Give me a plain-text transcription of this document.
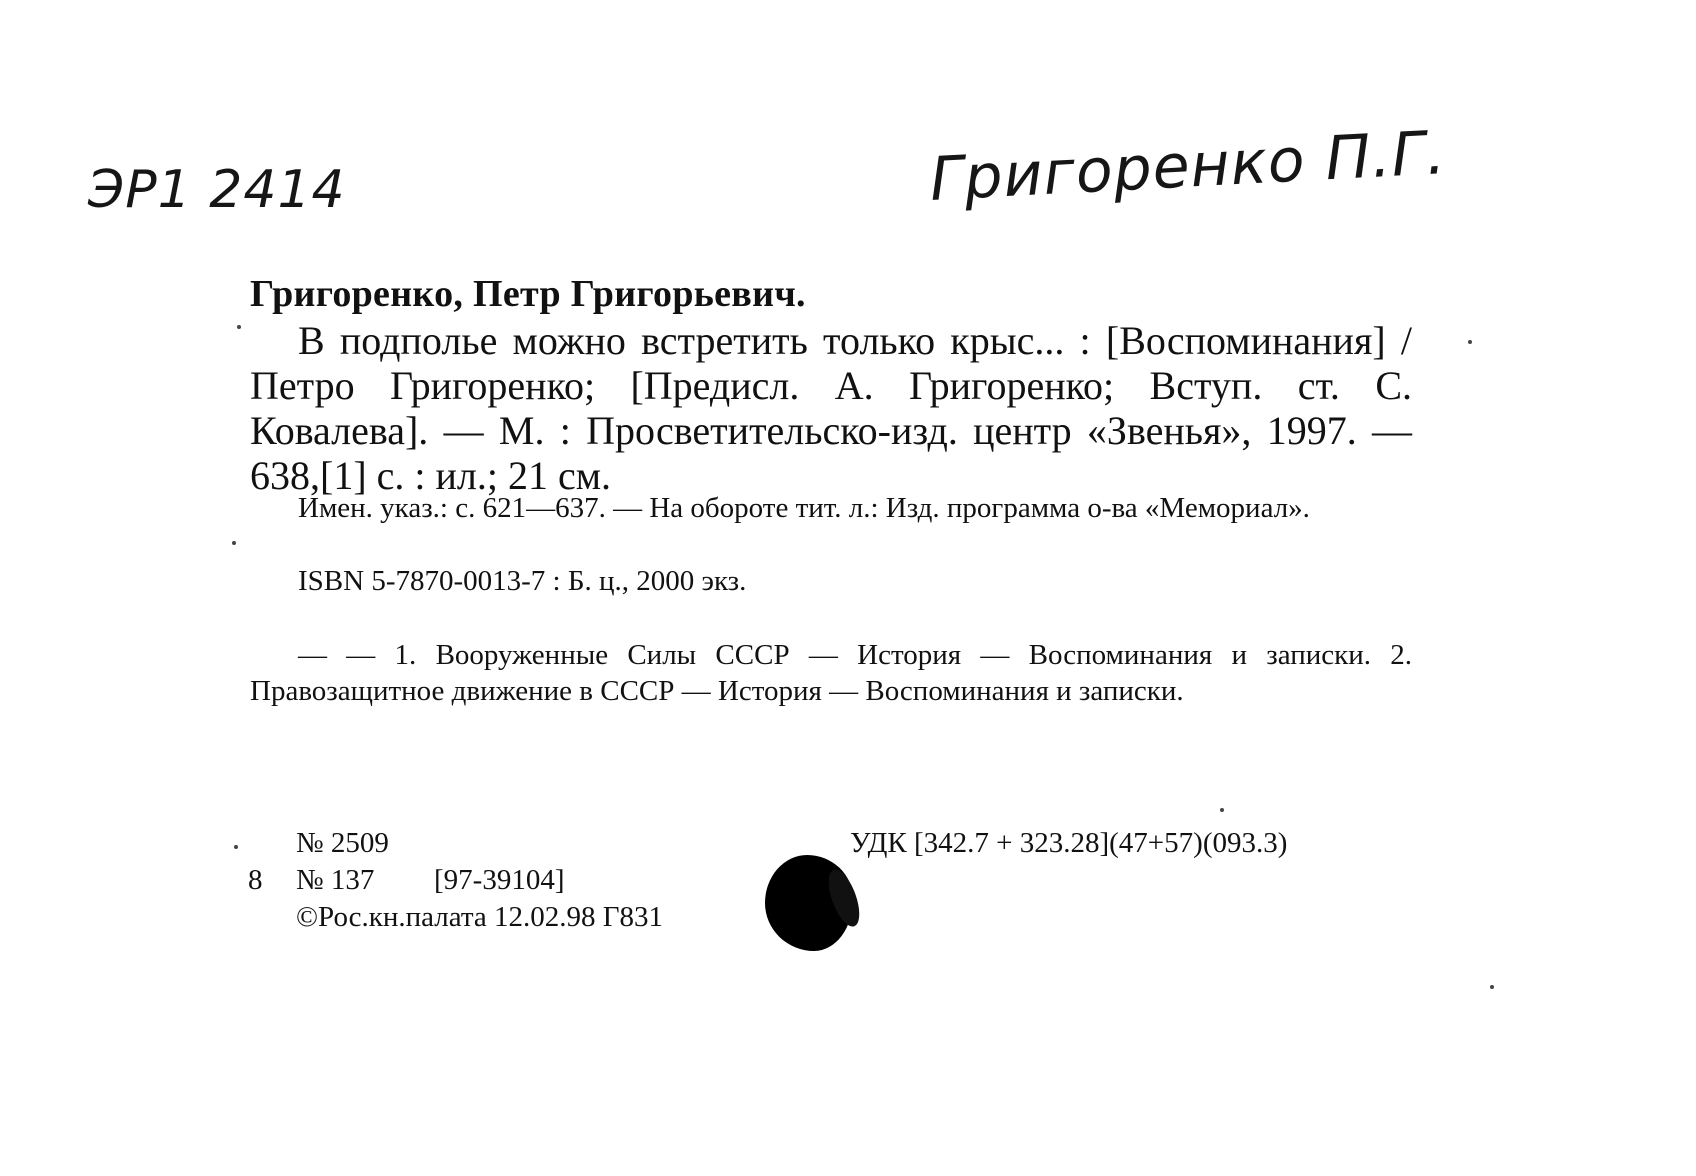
ЭР1 2414	Григоренко П.Г.
Григоренко, Петр Григорьевич.
В подполье можно встретить только крыс... : [Воспоминания] / Петро Григоренко; [Предисл. А. Григоренко; Вступ. ст. С. Ковалева]. — М. : Просветительско-изд. центр «Звенья», 1997. — 638,[1] с. : ил.; 21 см.
Имен. указ.: с. 621—637. — На обороте тит. л.: Изд. программа о-ва «Мемориал».
ISBN 5-7870-0013-7 : Б. ц., 2000 экз.
— — 1. Вооруженные Силы СССР — История — Воспоминания и записки. 2. Правозащитное движение в СССР — История — Воспоминания и записки.
№ 2509
8 № 137 [97-39104]
©Рос.кн.палата 12.02.98 Г831
УДК [342.7 + 323.28](47+57)(093.3)
